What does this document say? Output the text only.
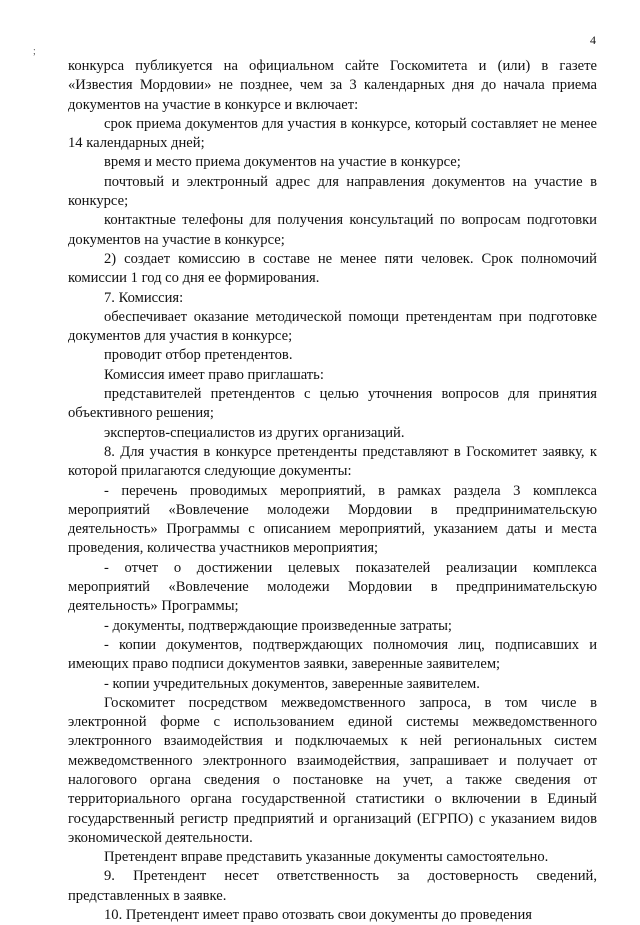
4
;

конкурса публикуется на официальном сайте Госкомитета и (или) в газете «Известия Мордовии» не позднее, чем за 3 календарных дня до начала приема документов на участие в конкурсе и включает:

срок приема документов для участия в конкурсе, который составляет не менее 14 календарных дней;

время и место приема документов на участие в конкурсе;

почтовый и электронный адрес для направления документов на участие в конкурсе;

контактные телефоны для получения консультаций по вопросам подготовки документов на участие в конкурсе;

2) создает комиссию в составе не менее пяти человек. Срок полномочий комиссии 1 год со дня ее формирования.

7. Комиссия:

обеспечивает оказание методической помощи претендентам при подготовке документов для участия в конкурсе;

проводит отбор претендентов.

Комиссия имеет право приглашать:

представителей претендентов с целью уточнения вопросов для принятия объективного решения;

экспертов-специалистов из других организаций.

8. Для участия в конкурсе претенденты представляют в Госкомитет заявку, к которой прилагаются следующие документы:

- перечень проводимых мероприятий, в рамках раздела 3 комплекса мероприятий «Вовлечение молодежи Мордовии в предпринимательскую деятельность» Программы с описанием мероприятий, указанием даты и места проведения, количества участников мероприятия;

- отчет о достижении целевых показателей реализации комплекса мероприятий «Вовлечение молодежи Мордовии в предпринимательскую деятельность» Программы;

- документы, подтверждающие произведенные затраты;

- копии документов, подтверждающих полномочия лиц, подписавших и имеющих право подписи документов заявки, заверенные заявителем;

- копии учредительных документов, заверенные заявителем.

Госкомитет посредством межведомственного запроса, в том числе в электронной форме с использованием единой системы межведомственного электронного взаимодействия и подключаемых к ней региональных систем межведомственного электронного взаимодействия, запрашивает и получает от налогового органа сведения о постановке на учет, а также сведения от территориального органа государственной статистики о включении в Единый государственный регистр предприятий и организаций (ЕГРПО) с указанием видов экономической деятельности.

Претендент вправе представить указанные документы самостоятельно.

9. Претендент несет ответственность за достоверность сведений, представленных в заявке.

10. Претендент имеет право отозвать свои документы до проведения
